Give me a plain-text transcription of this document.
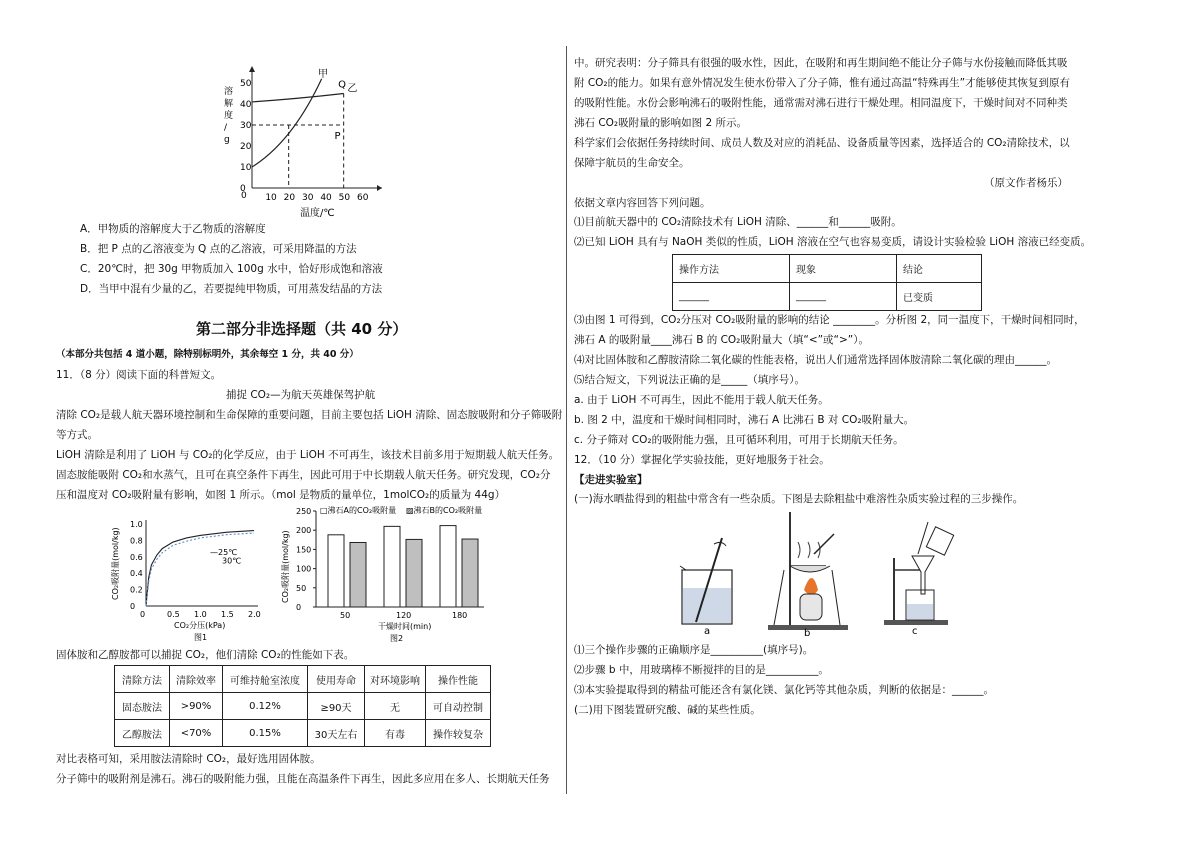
50
40
30
20
10
0
10 20 30 40 50 60
0
溶
解
度
/
g
温度/℃
甲
乙
Q
P
A．甲物质的溶解度大于乙物质的溶解度
B．把 P 点的乙溶液变为 Q 点的乙溶液，可采用降温的方法
C．20℃时，把 30g 甲物质加入 100g 水中，恰好形成饱和溶液
D．当甲中混有少量的乙，若要提纯甲物质，可用蒸发结晶的方法
第二部分非选择题（共 40 分）
（本部分共包括 4 道小题，除特别标明外，其余每空 1 分，共 40 分）
11．（8 分）阅读下面的科普短文。
捕捉 CO₂—为航天英雄保驾护航
清除 CO₂是载人航天器环境控制和生命保障的重要问题，目前主要包括 LiOH 清除、固态胺吸附和分子筛吸附
等方式。
LiOH 清除是利用了 LiOH 与 CO₂的化学反应，由于 LiOH 不可再生，该技术目前多用于短期载人航天任务。
固态胺能吸附 CO₂和水蒸气，且可在真空条件下再生，因此可用于中长期载人航天任务。研究发现，CO₂分
压和温度对 CO₂吸附量有影响，如图 1 所示。（mol 是物质的量单位，1molCO₂的质量为 44g）
1.0
0.8
0.6
0.4
0.2
0
0	0.5 1.0 1.5 2.0
CO₂分压(kPa)
图1
CO₂吸附量(mol/kg)	—25℃
30℃
250
200
150
100
50
0
□沸石A的CO₂吸附量 ▨沸石B的CO₂吸附量
50	120	180
干燥时间(min)
图2
CO₂吸附量(mol/kg)
固体胺和乙醇胺都可以捕捉 CO₂，他们清除 CO₂的性能如下表。
清除方法	清除效率	可维持舱室浓度	使用寿命	对环境影响	操作性能
固态胺法	>90%	0.12%	≥90天	无	可自动控制
乙醇胺法	<70%	0.15%	30天左右	有毒	操作较复杂
对比表格可知，采用胺法清除时 CO₂，最好选用固体胺。
分子筛中的吸附剂是沸石。沸石的吸附能力强，且能在高温条件下再生，因此多应用在多人、长期航天任务
中。研究表明：分子筛具有很强的吸水性，因此，在吸附和再生期间绝不能让分子筛与水份接触而降低其吸
附 CO₂的能力。如果有意外情况发生使水份带入了分子筛，惟有通过高温“特殊再生”才能够使其恢复到原有
的吸附性能。水份会影响沸石的吸附性能，通常需对沸石进行干燥处理。相同温度下，干燥时间对不同种类
沸石 CO₂吸附量的影响如图 2 所示。
科学家们会依据任务持续时间、成员人数及对应的消耗品、设备质量等因素，选择适合的 CO₂清除技术，以
保障宇航员的生命安全。
（原文作者杨乐）
依据文章内容回答下列问题。
⑴目前航天器中的 CO₂清除技术有 LiOH 清除、______和______吸附。
⑵已知 LiOH 具有与 NaOH 类似的性质，LiOH 溶液在空气也容易变质，请设计实验检验 LiOH 溶液已经变质。
操作方法	现象	结论
______	______	已变质
⑶由图 1 可得到，CO₂分压对 CO₂吸附量的影响的结论 ________。分析图 2，同一温度下，干燥时间相同时，
沸石 A 的吸附量____沸石 B 的 CO₂吸附量大（填“<”或“>”）。
⑷对比固体胺和乙醇胺清除二氧化碳的性能表格，说出人们通常选择固体胺清除二氧化碳的理由______。
⑸结合短文，下列说法正确的是_____（填序号）。
a. 由于 LiOH 不可再生，因此不能用于载人航天任务。
b. 图 2 中，温度和干燥时间相同时，沸石 A 比沸石 B 对 CO₂吸附量大。
c. 分子筛对 CO₂的吸附能力强，且可循环利用，可用于长期航天任务。
12．（10 分）掌握化学实验技能，更好地服务于社会。
【走进实验室】
(一)海水晒盐得到的粗盐中常含有一些杂质。下图是去除粗盐中难溶性杂质实验过程的三步操作。
a	b	c
⑴三个操作步骤的正确顺序是__________(填序号)。
⑵步骤 b 中，用玻璃棒不断搅拌的目的是__________。
⑶本实验提取得到的精盐可能还含有氯化镁、氯化钙等其他杂质，判断的依据是：______。
(二)用下图装置研究酸、碱的某些性质。
